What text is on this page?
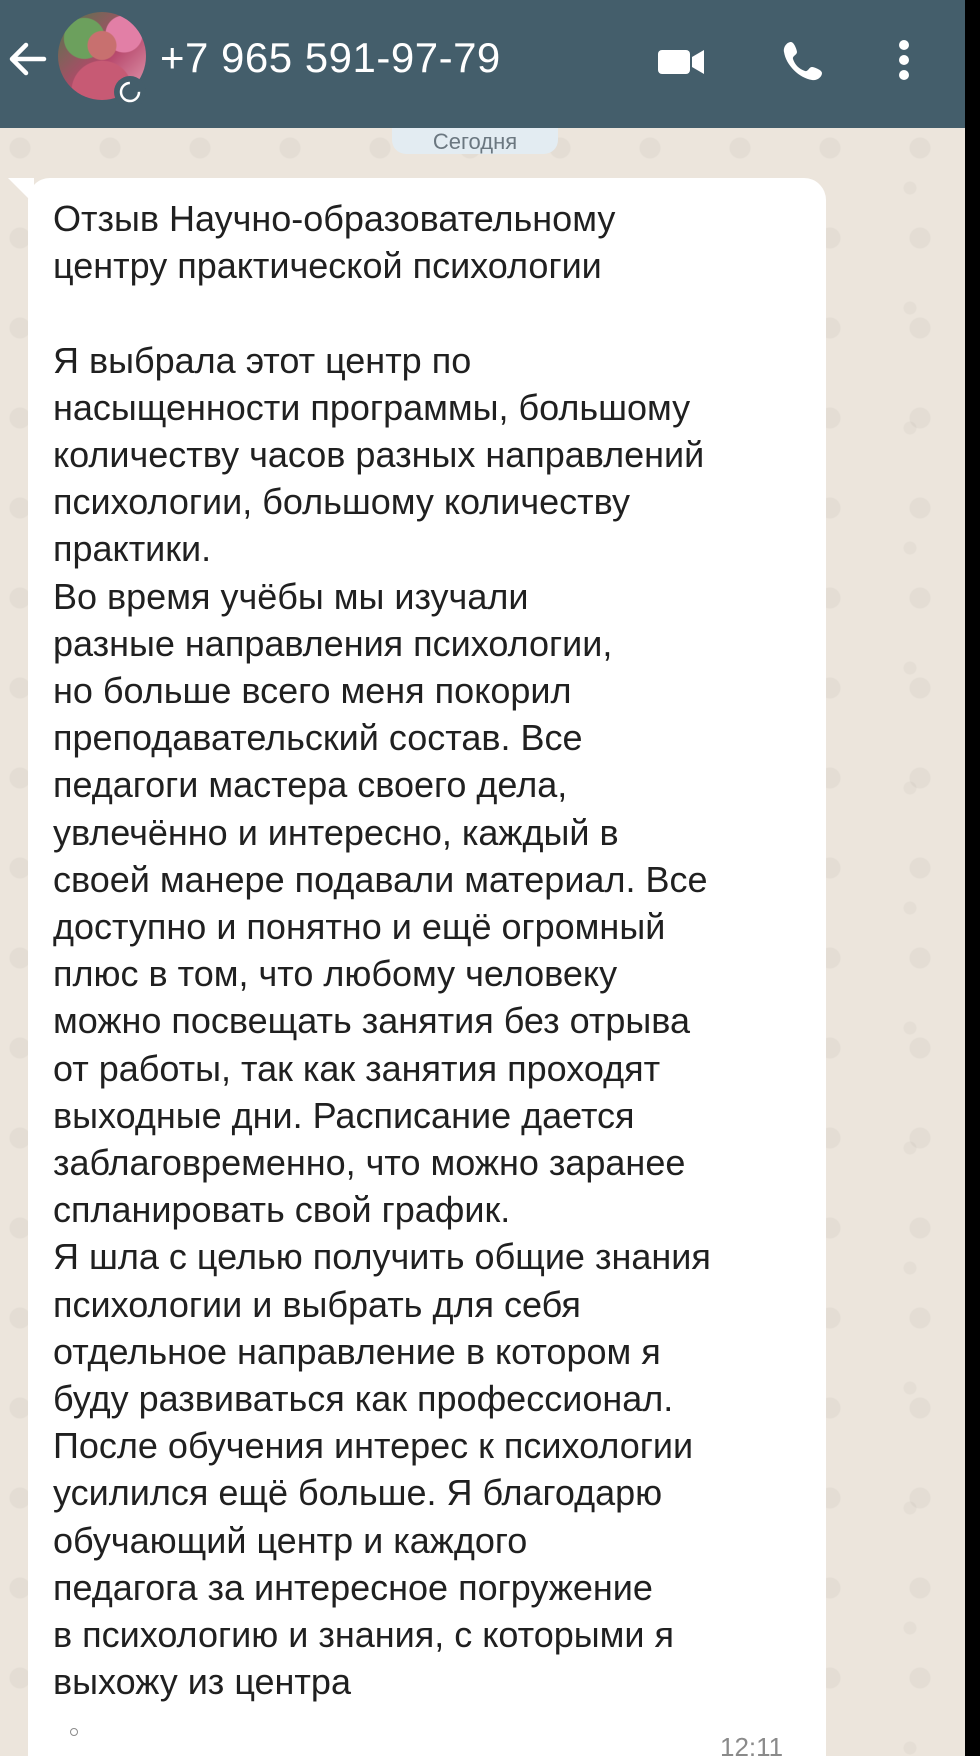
Сегодня
Отзыв Научно-образовательному
центру практической психологии

Я выбрала этот центр по
насыщенности программы, большому
количеству часов разных направлений
психологии, большому количеству
практики.
Во время учёбы мы изучали
разные направления психологии,
но больше всего меня покорил
преподавательский состав. Все
педагоги мастера своего дела,
увлечённо и интересно, каждый в
своей манере подавали материал. Все
доступно и понятно и ещё огромный
плюс в том, что любому человеку
можно посвещать занятия без отрыва
от работы, так как занятия проходят
выходные дни. Расписание дается
заблаговременно, что можно заранее
спланировать свой график.
Я шла с целью получить общие знания
психологии и выбрать для себя
отдельное направление в котором я
буду развиваться как профессионал.
После обучения интерес к психологии
усилился ещё больше. Я благодарю
обучающий центр и каждого
педагога за интересное погружение
в психологию и знания, с которыми я
выхожу из центра
12:11
+7 965 591-97-79
